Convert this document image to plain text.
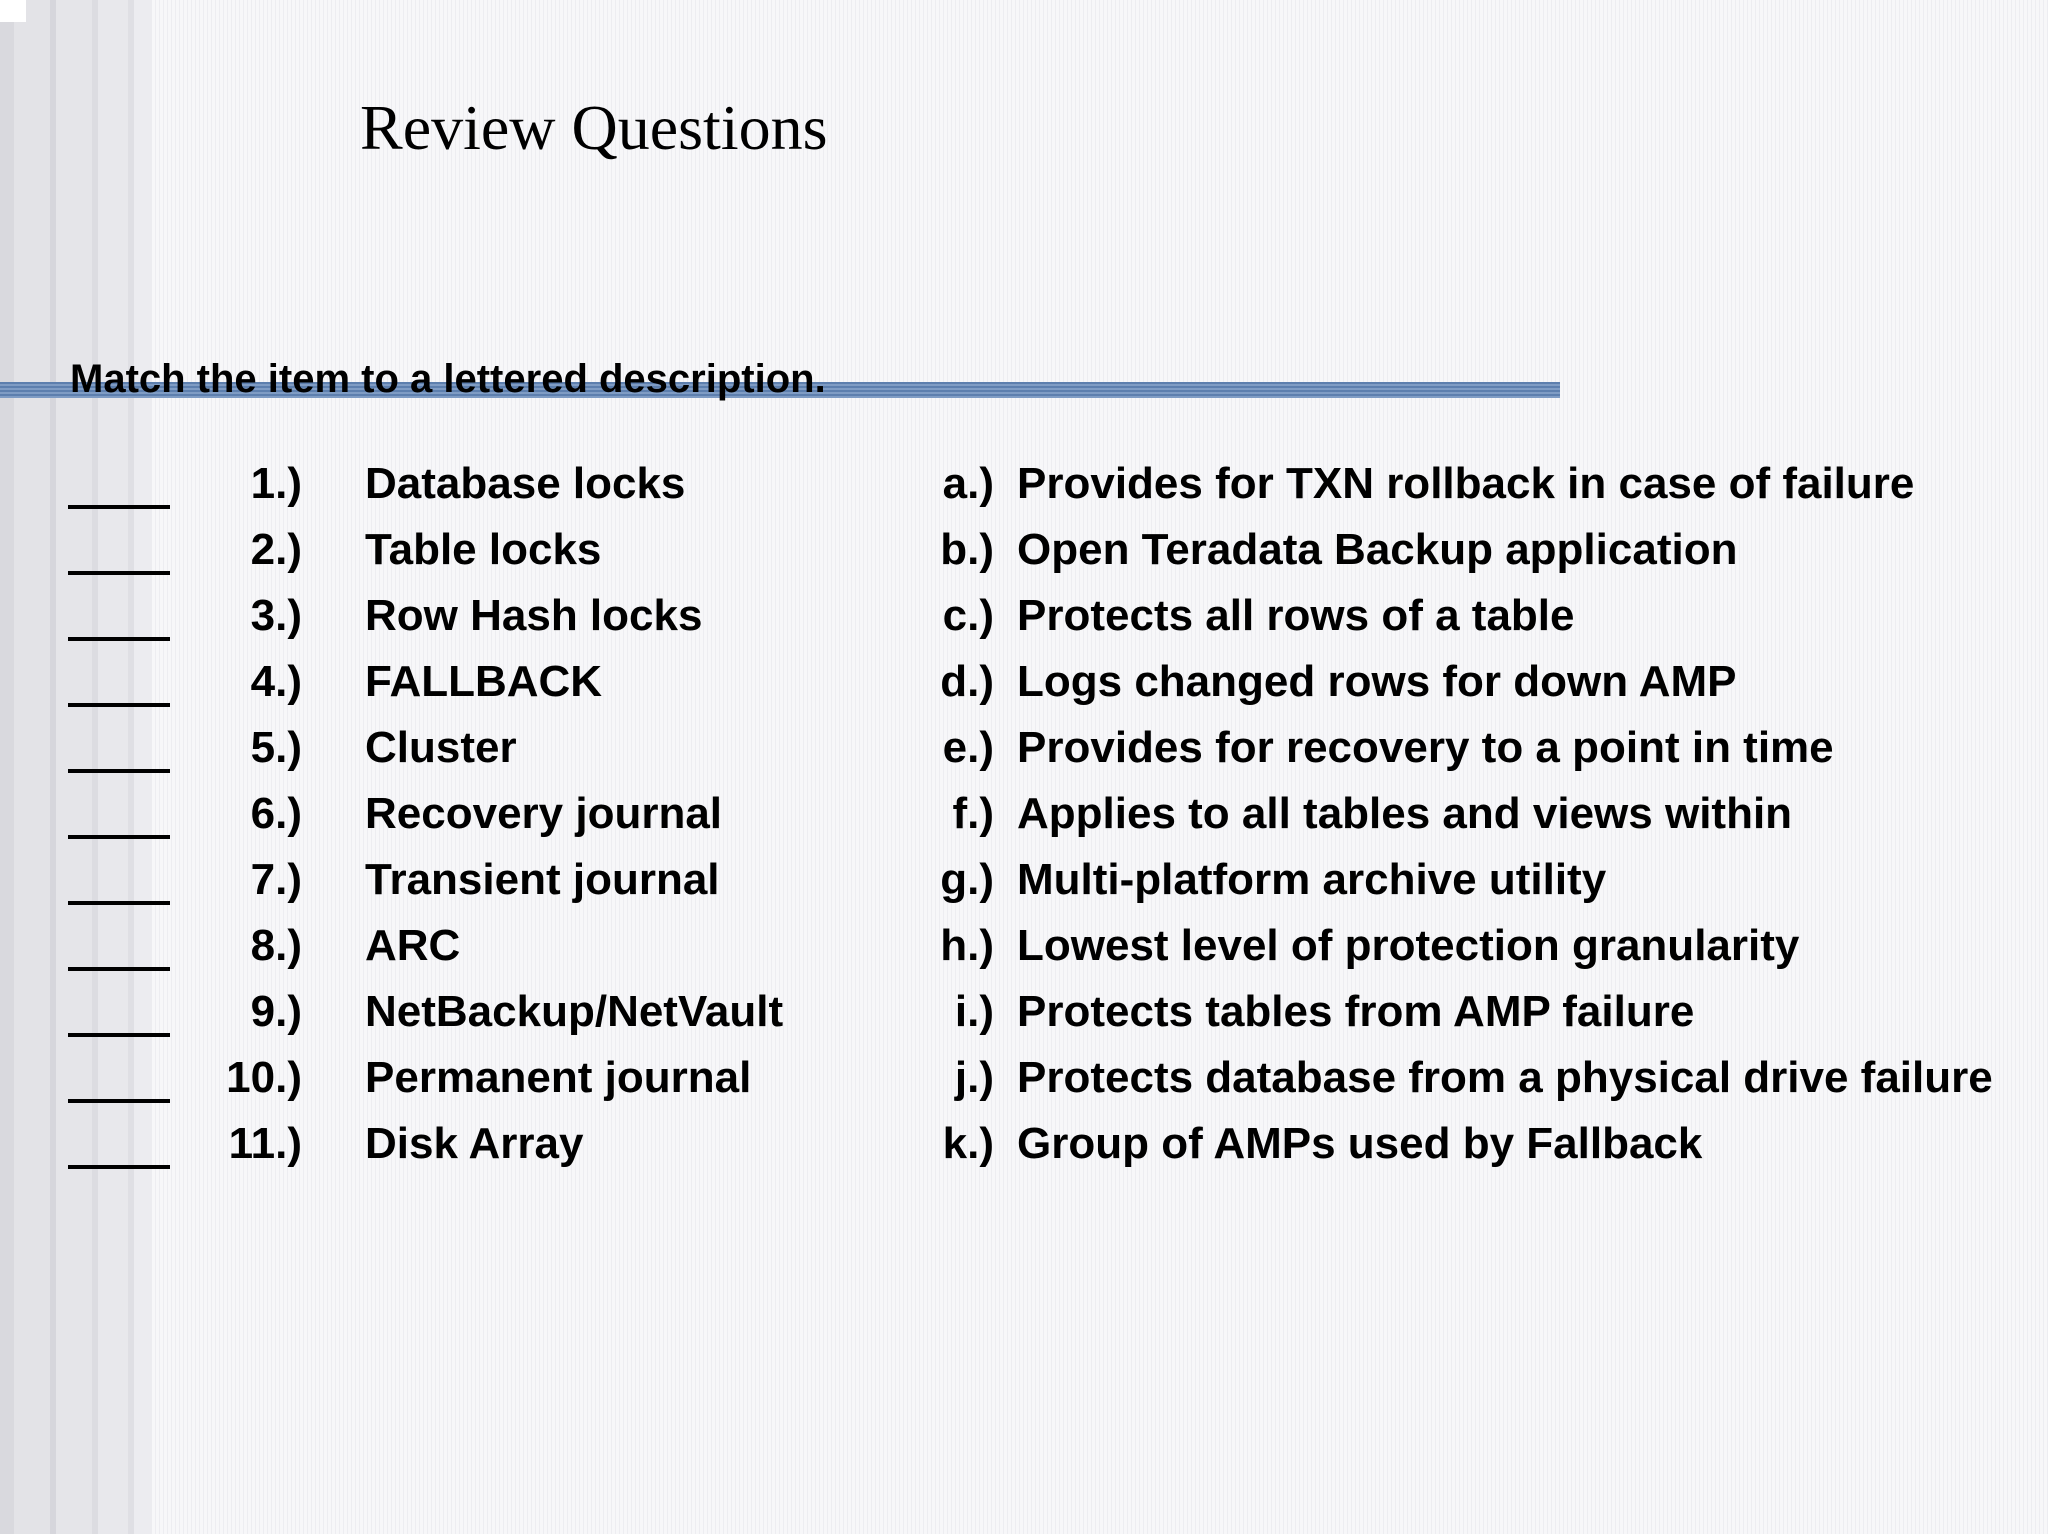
Review Questions
Match the item to a lettered description.
1.) Database locks	a.) Provides for TXN rollback in case of failure
2.) Table locks	b.) Open Teradata Backup application
3.) Row Hash locks	c.) Protects all rows of a table
4.) FALLBACK	d.) Logs changed rows for down AMP
5.) Cluster	e.) Provides for recovery to a point in time
6.) Recovery journal	f.) Applies to all tables and views within
7.) Transient journal	g.) Multi-platform archive utility
8.) ARC	h.) Lowest level of protection granularity
9.) NetBackup/NetVault	i.) Protects tables from AMP failure
10.) Permanent journal	j.) Protects database from a physical drive failure
11.) Disk Array	k.) Group of AMPs used by Fallback
